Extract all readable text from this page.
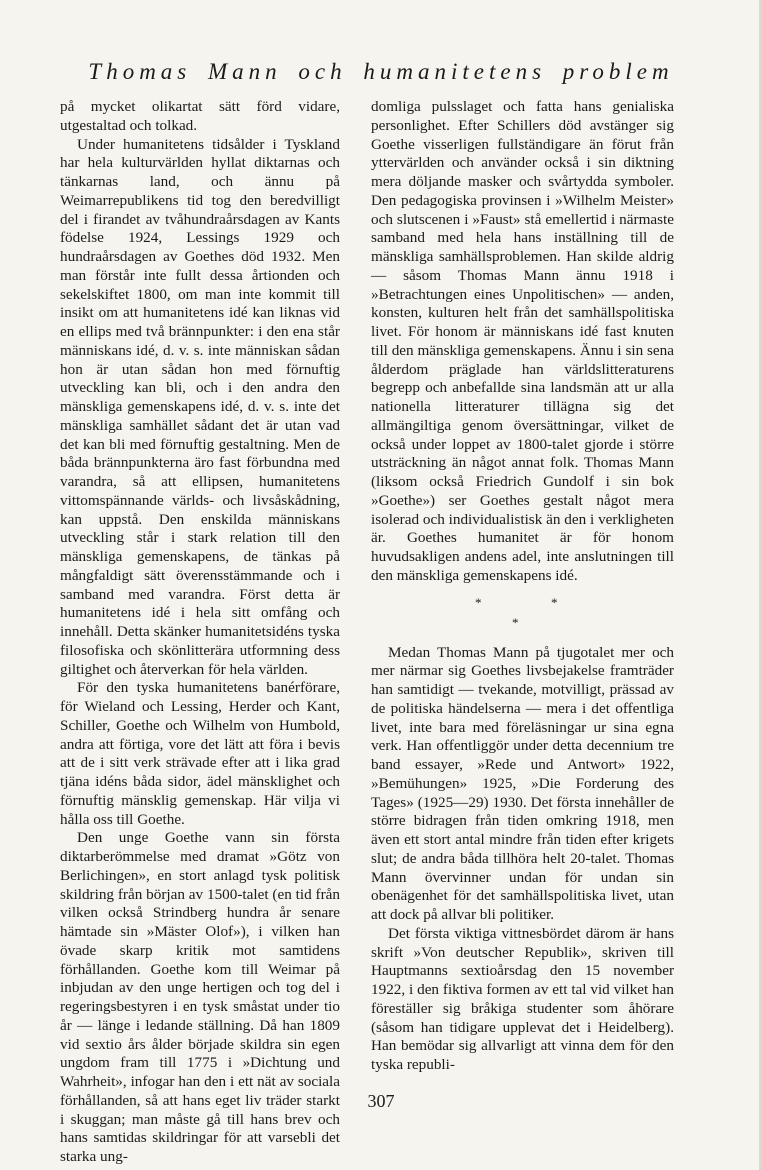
Thomas Mann och humanitetens problem

på mycket olikartat sätt förd vidare, utgestaltad och tolkad.

Under humanitetens tidsålder i Tyskland har hela kulturvärlden hyllat diktarnas och tänkarnas land, och ännu på Weimarrepublikens tid tog den beredvilligt del i firandet av tvåhundraårsdagen av Kants födelse 1924, Lessings 1929 och hundraårsdagen av Goethes död 1932. Men man förstår inte fullt dessa årtionden och sekelskiftet 1800, om man inte kommit till insikt om att humanitetens idé kan liknas vid en ellips med två brännpunkter: i den ena står människans idé, d. v. s. inte människan sådan hon är utan sådan hon med förnuftig utveckling kan bli, och i den andra den mänskliga gemenskapens idé, d. v. s. inte det mänskliga samhället sådant det är utan vad det kan bli med förnuftig gestaltning. Men de båda brännpunkterna äro fast förbundna med varandra, så att ellipsen, humanitetens vittomspännande världs- och livsåskådning, kan uppstå. Den enskilda människans utveckling står i stark relation till den mänskliga gemenskapens, de tänkas på mångfaldigt sätt överensstämmande och i samband med varandra. Först detta är humanitetens idé i hela sitt omfång och innehåll. Detta skänker humanitetsidéns tyska filosofiska och skönlitterära utformning dess giltighet och återverkan för hela världen.

För den tyska humanitetens banérförare, för Wieland och Lessing, Herder och Kant, Schiller, Goethe och Wilhelm von Humbold, andra att förtiga, vore det lätt att föra i bevis att de i sitt verk strävade efter att i lika grad tjäna idéns båda sidor, ädel mänsklighet och förnuftig mänsklig gemenskap. Här vilja vi hålla oss till Goethe.

Den unge Goethe vann sin första diktarberömmelse med dramat »Götz von Berlichingen», en stort anlagd tysk politisk skildring från början av 1500-talet (en tid från vilken också Strindberg hundra år senare hämtade sin »Mäster Olof»), i vilken han övade skarp kritik mot samtidens förhållanden. Goethe kom till Weimar på inbjudan av den unge hertigen och tog del i regeringsbestyren i en tysk småstat under tio år — länge i ledande ställning. Då han 1809 vid sextio års ålder började skildra sin egen ungdom fram till 1775 i »Dichtung und Wahrheit», infogar han den i ett nät av sociala förhållanden, så att hans eget liv träder starkt i skuggan; man måste gå till hans brev och hans samtidas skildringar för att varsebli det starka ung-

domliga pulsslaget och fatta hans genialiska personlighet. Efter Schillers död avstänger sig Goethe visserligen fullständigare än förut från yttervärlden och använder också i sin diktning mera döljande masker och svårtydda symboler. Den pedagogiska provinsen i »Wilhelm Meister» och slutscenen i »Faust» stå emellertid i närmaste samband med hela hans inställning till de mänskliga samhällsproblemen. Han skilde aldrig — såsom Thomas Mann ännu 1918 i »Betrachtungen eines Unpolitischen» — anden, konsten, kulturen helt från det samhällspolitiska livet. För honom är människans idé fast knuten till den mänskliga gemenskapens. Ännu i sin sena ålderdom präglade han världslitteraturens begrepp och anbefallde sina landsmän att ur alla nationella litteraturer tillägna sig det allmängiltiga genom översättningar, vilket de också under loppet av 1800-talet gjorde i större utsträckning än något annat folk. Thomas Mann (liksom också Friedrich Gundolf i sin bok »Goethe») ser Goethes gestalt något mera isolerad och individualistisk än den i verkligheten är. Goethes humanitet är för honom huvudsakligen andens adel, inte anslutningen till den mänskliga gemenskapens idé.

*	*
*

Medan Thomas Mann på tjugotalet mer och mer närmar sig Goethes livsbejakelse framträder han samtidigt — tvekande, motvilligt, prässad av de politiska händelserna — mera i det offentliga livet, inte bara med föreläsningar ur sina egna verk. Han offentliggör under detta decennium tre band essayer, »Rede und Antwort» 1922, »Bemühungen» 1925, »Die Forderung des Tages» (1925—29) 1930. Det första innehåller de större bidragen från tiden omkring 1918, men även ett stort antal mindre från tiden efter krigets slut; de andra båda tillhöra helt 20-talet. Thomas Mann övervinner undan för undan sin obenägenhet för det samhällspolitiska livet, utan att dock på allvar bli politiker.

Det första viktiga vittnesbördet därom är hans skrift »Von deutscher Republik», skriven till Hauptmanns sextioårsdag den 15 november 1922, i den fiktiva formen av ett tal vid vilket han föreställer sig bråkiga studenter som åhörare (såsom han tidigare upplevat det i Heidelberg). Han bemödar sig allvarligt att vinna dem för den tyska republi-

307
